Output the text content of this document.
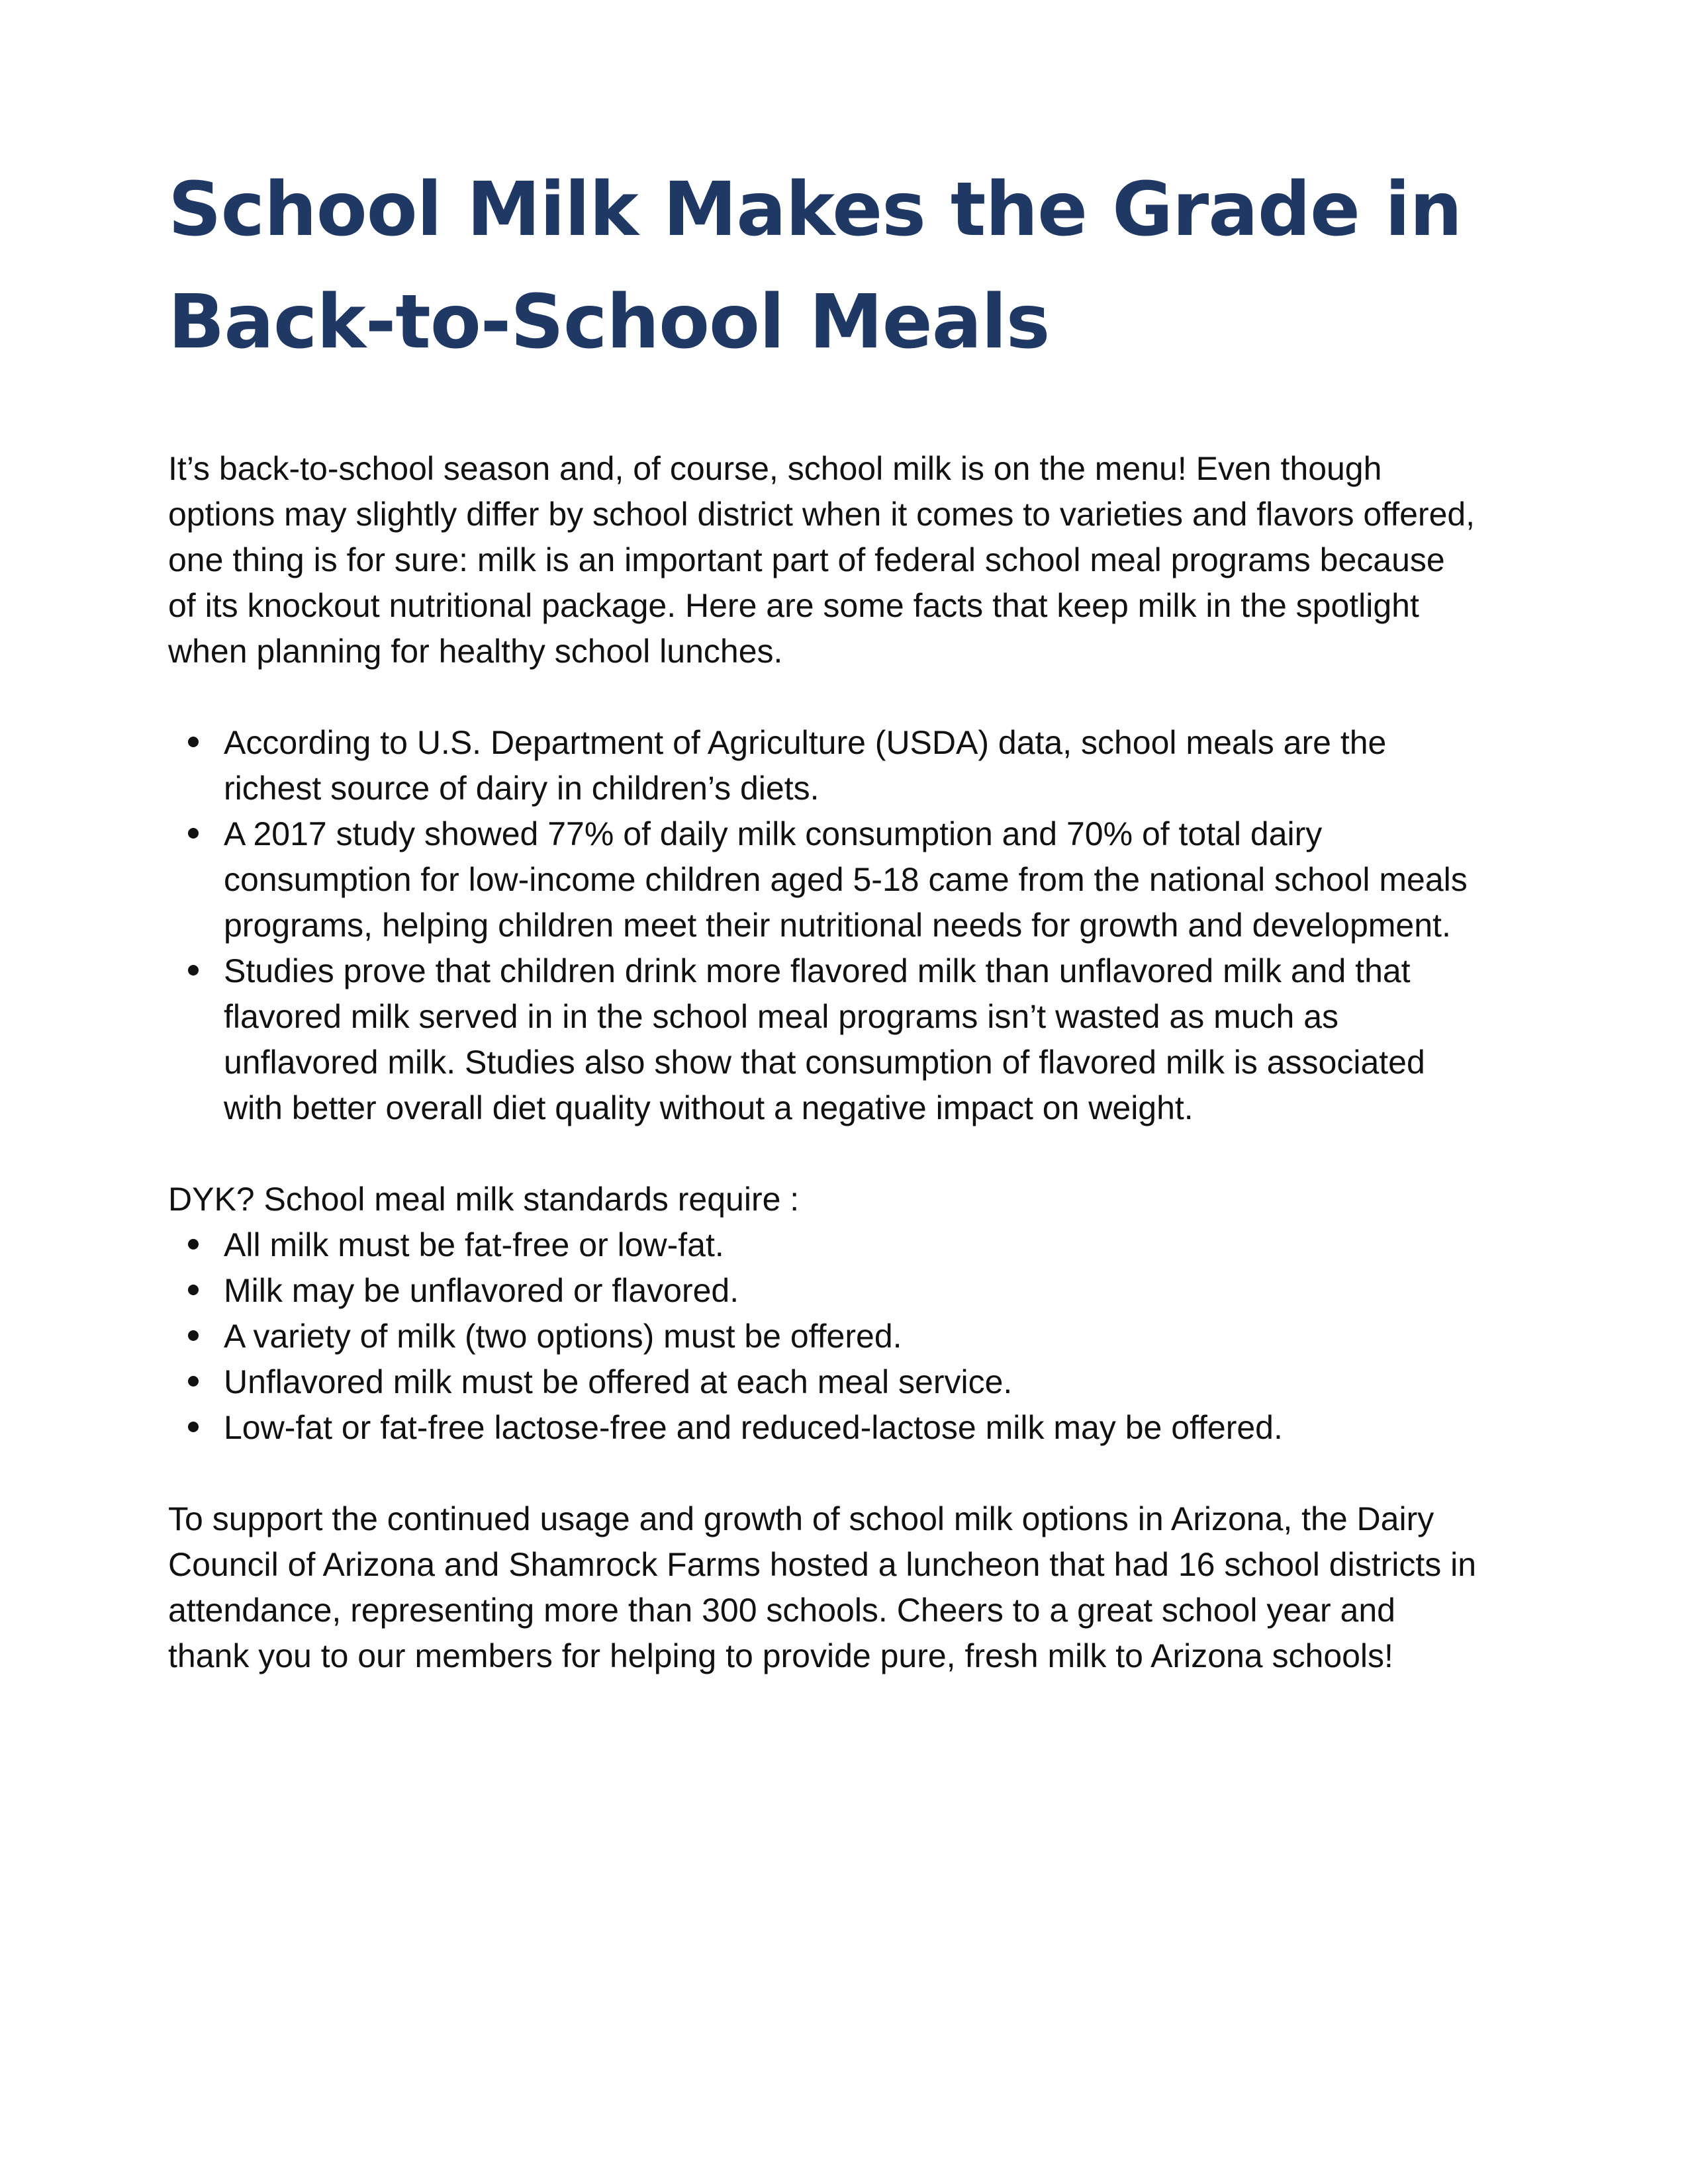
School Milk Makes the Grade in
Back-to-School Meals

It’s back-to-school season and, of course, school milk is on the menu! Even though options may slightly differ by school district when it comes to varieties and flavors offered, one thing is for sure: milk is an important part of federal school meal programs because of its knockout nutritional package. Here are some facts that keep milk in the spotlight when planning for healthy school lunches.

According to U.S. Department of Agriculture (USDA) data, school meals are the richest source of dairy in children’s diets.
A 2017 study showed 77% of daily milk consumption and 70% of total dairy consumption for low-income children aged 5-18 came from the national school meals programs, helping children meet their nutritional needs for growth and development.
Studies prove that children drink more flavored milk than unflavored milk and that flavored milk served in in the school meal programs isn’t wasted as much as unflavored milk. Studies also show that consumption of flavored milk is associated with better overall diet quality without a negative impact on weight.

DYK? School meal milk standards require :

All milk must be fat-free or low-fat.
Milk may be unflavored or flavored.
A variety of milk (two options) must be offered.
Unflavored milk must be offered at each meal service.
Low-fat or fat-free lactose-free and reduced-lactose milk may be offered.

To support the continued usage and growth of school milk options in Arizona, the Dairy Council of Arizona and Shamrock Farms hosted a luncheon that had 16 school districts in attendance, representing more than 300 schools. Cheers to a great school year and thank you to our members for helping to provide pure, fresh milk to Arizona schools!
